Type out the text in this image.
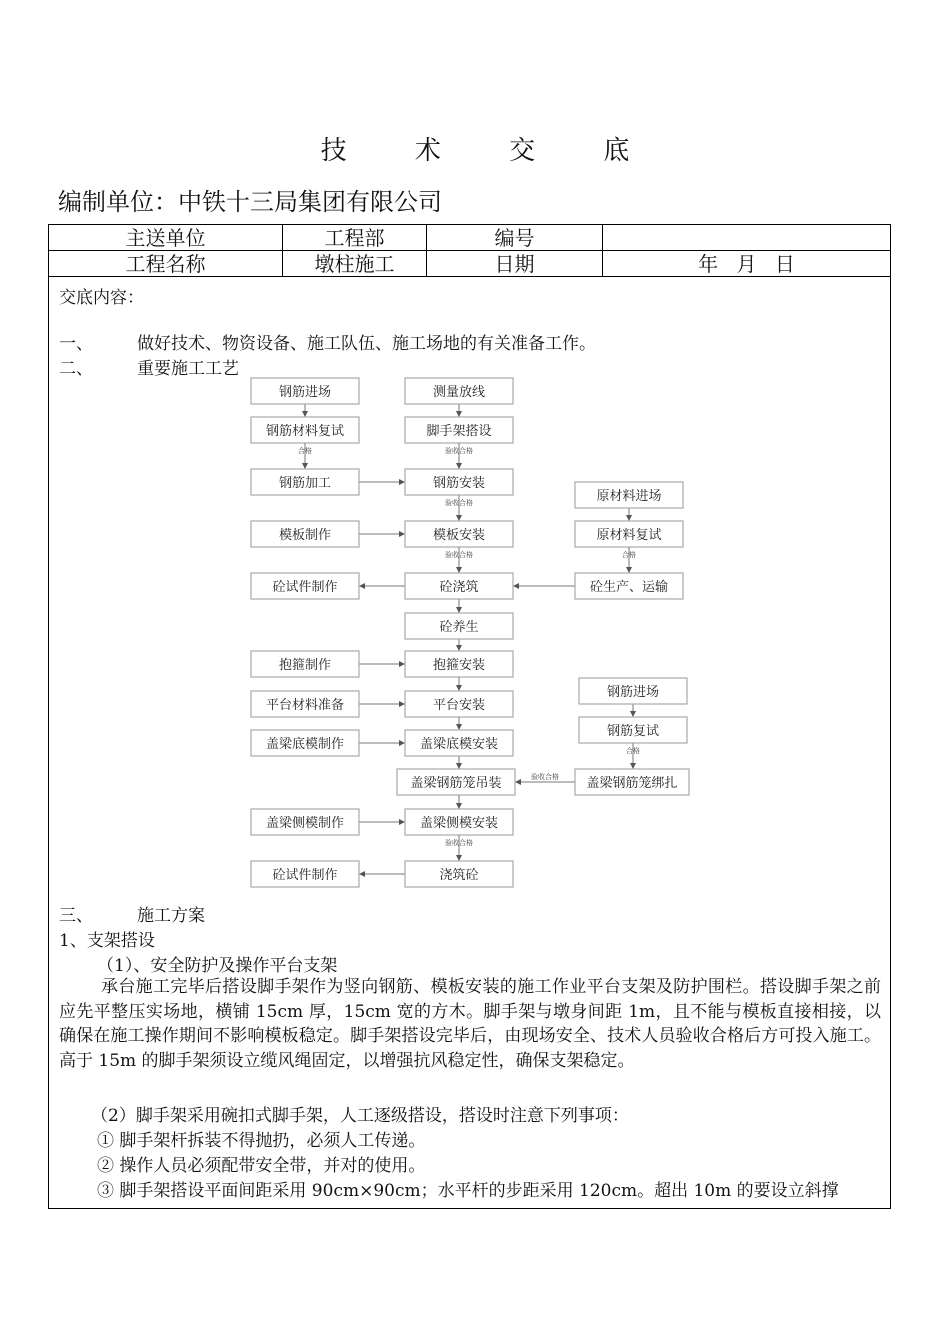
技 术 交 底
编制单位：中铁十三局集团有限公司
主送单位	工程部	编号
工程名称	墩柱施工	日期	年 月 日
交底内容：
一、	做好技术、物资设备、施工队伍、施工场地的有关准备工作。
二、	重要施工工艺
合格	验收合格
验收合格
验收合格
验收合格
合格
合格
验收合格
钢筋进场
钢筋材料复试
钢筋加工
模板制作
砼试件制作
抱箍制作
平台材料准备
盖梁底模制作
盖梁侧模制作
砼试件制作
测量放线
脚手架搭设
钢筋安装
模板安装
砼浇筑
砼养生
抱箍安装
平台安装
盖梁底模安装
盖梁钢筋笼吊装
盖梁侧模安装
浇筑砼
原材料进场
原材料复试
砼生产、运输
钢筋进场
钢筋复试
盖梁钢筋笼绑扎
三、	施工方案
1、支架搭设
（1）、安全防护及操作平台支架
承台施工完毕后搭设脚手架作为竖向钢筋、模板安装的施工作业平台支架及防护围栏。搭设脚手架之前应先平整压实场地，横铺 15cm 厚，15cm 宽的方木。脚手架与墩身间距 1m，且不能与模板直接相接，以确保在施工操作期间不影响模板稳定。脚手架搭设完毕后，由现场安全、技术人员验收合格后方可投入施工。高于 15m 的脚手架须设立缆风绳固定，以增强抗风稳定性，确保支架稳定。
（2）脚手架采用碗扣式脚手架，人工逐级搭设，搭设时注意下列事项：
① 脚手架杆拆装不得抛扔，必须人工传递。
② 操作人员必须配带安全带，并对的使用。
③ 脚手架搭设平面间距采用 90cm×90cm；水平杆的步距采用 120cm。超出 10m 的要设立斜撑
